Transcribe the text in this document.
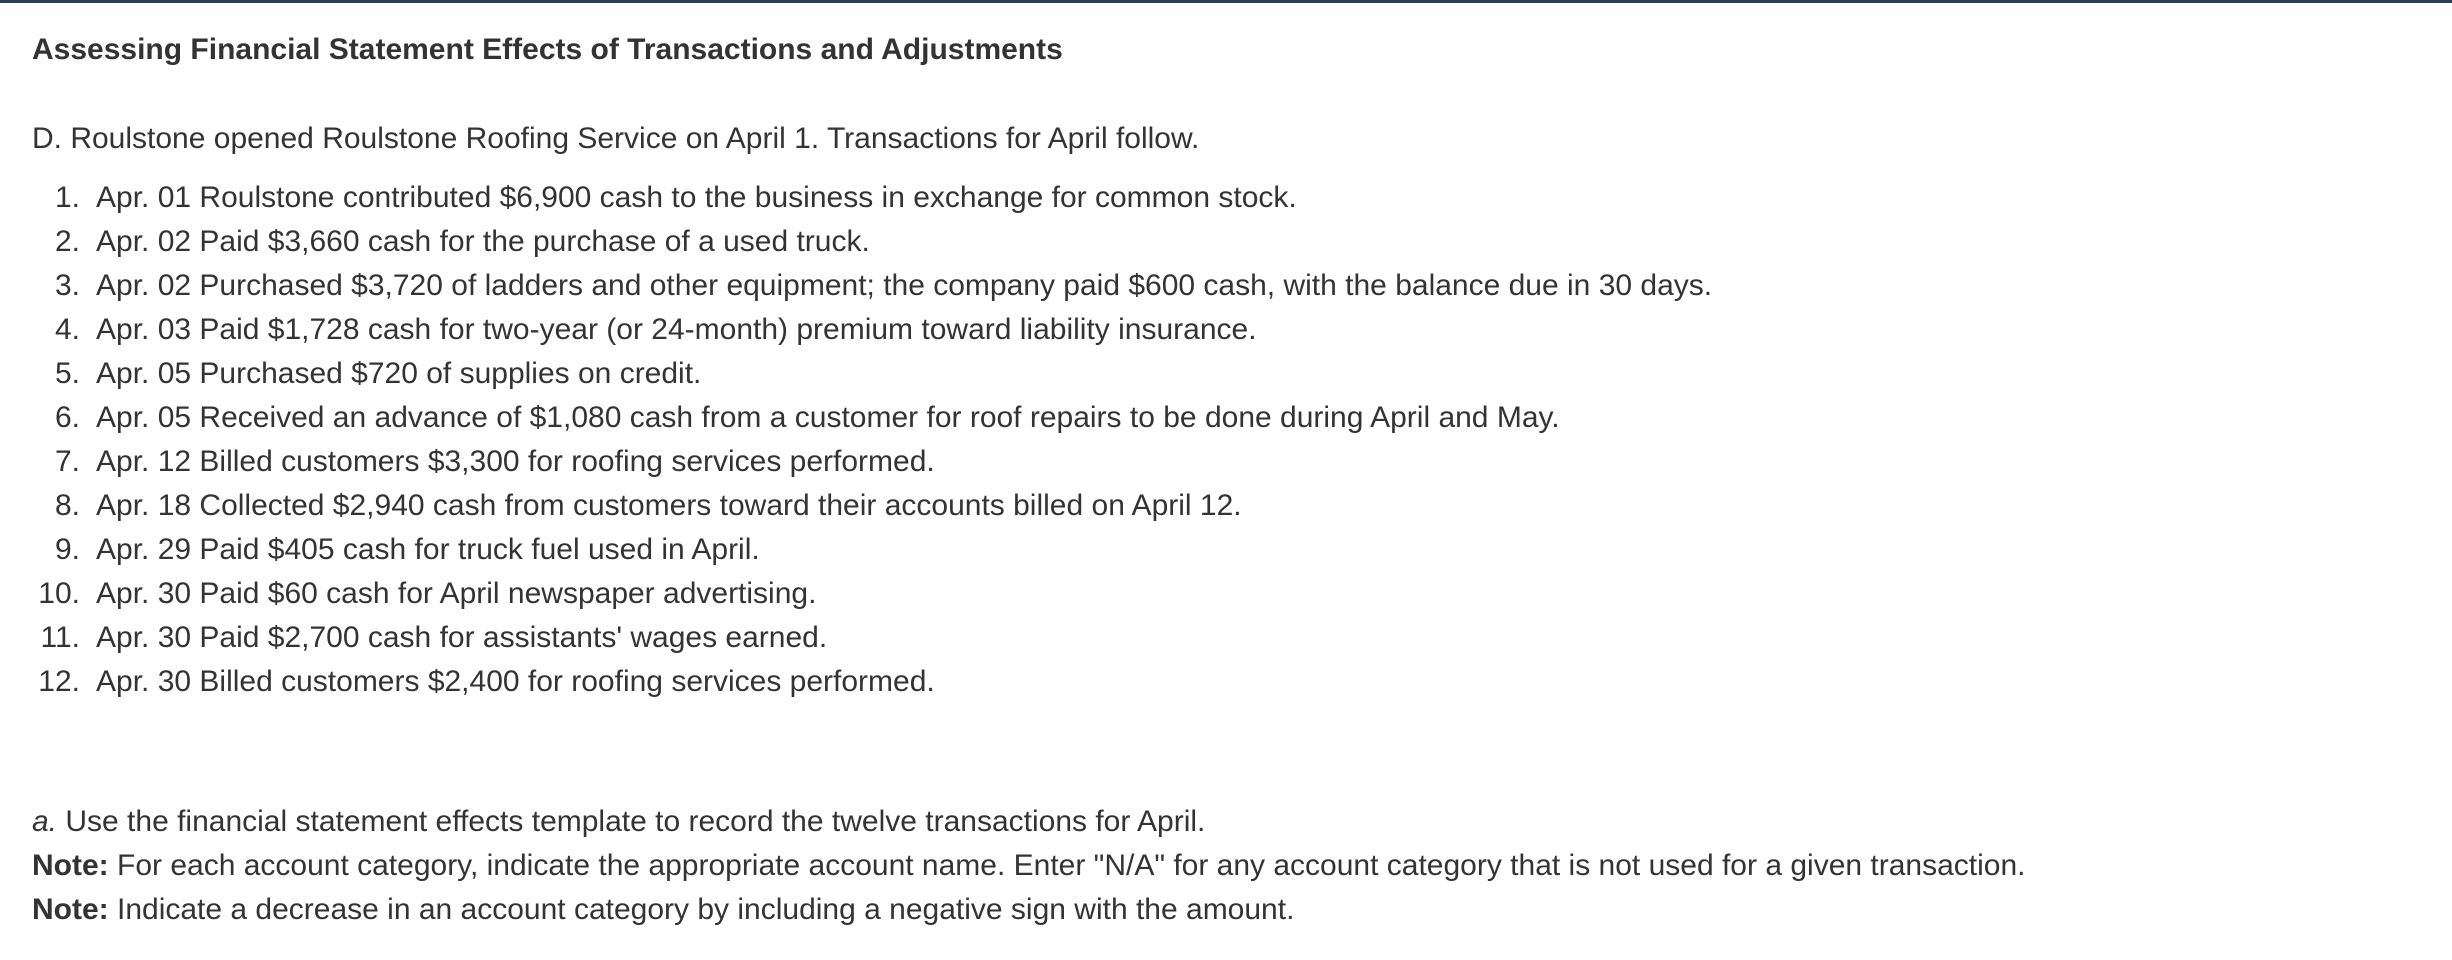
Assessing Financial Statement Effects of Transactions and Adjustments

D. Roulstone opened Roulstone Roofing Service on April 1. Transactions for April follow.

1. Apr. 01 Roulstone contributed $6,900 cash to the business in exchange for common stock.
2. Apr. 02 Paid $3,660 cash for the purchase of a used truck.
3. Apr. 02 Purchased $3,720 of ladders and other equipment; the company paid $600 cash, with the balance due in 30 days.
4. Apr. 03 Paid $1,728 cash for two-year (or 24-month) premium toward liability insurance.
5. Apr. 05 Purchased $720 of supplies on credit.
6. Apr. 05 Received an advance of $1,080 cash from a customer for roof repairs to be done during April and May.
7. Apr. 12 Billed customers $3,300 for roofing services performed.
8. Apr. 18 Collected $2,940 cash from customers toward their accounts billed on April 12.
9. Apr. 29 Paid $405 cash for truck fuel used in April.
10. Apr. 30 Paid $60 cash for April newspaper advertising.
11. Apr. 30 Paid $2,700 cash for assistants' wages earned.
12. Apr. 30 Billed customers $2,400 for roofing services performed.
a. Use the financial statement effects template to record the twelve transactions for April.
Note: For each account category, indicate the appropriate account name. Enter "N/A" for any account category that is not used for a given transaction.
Note: Indicate a decrease in an account category by including a negative sign with the amount.
